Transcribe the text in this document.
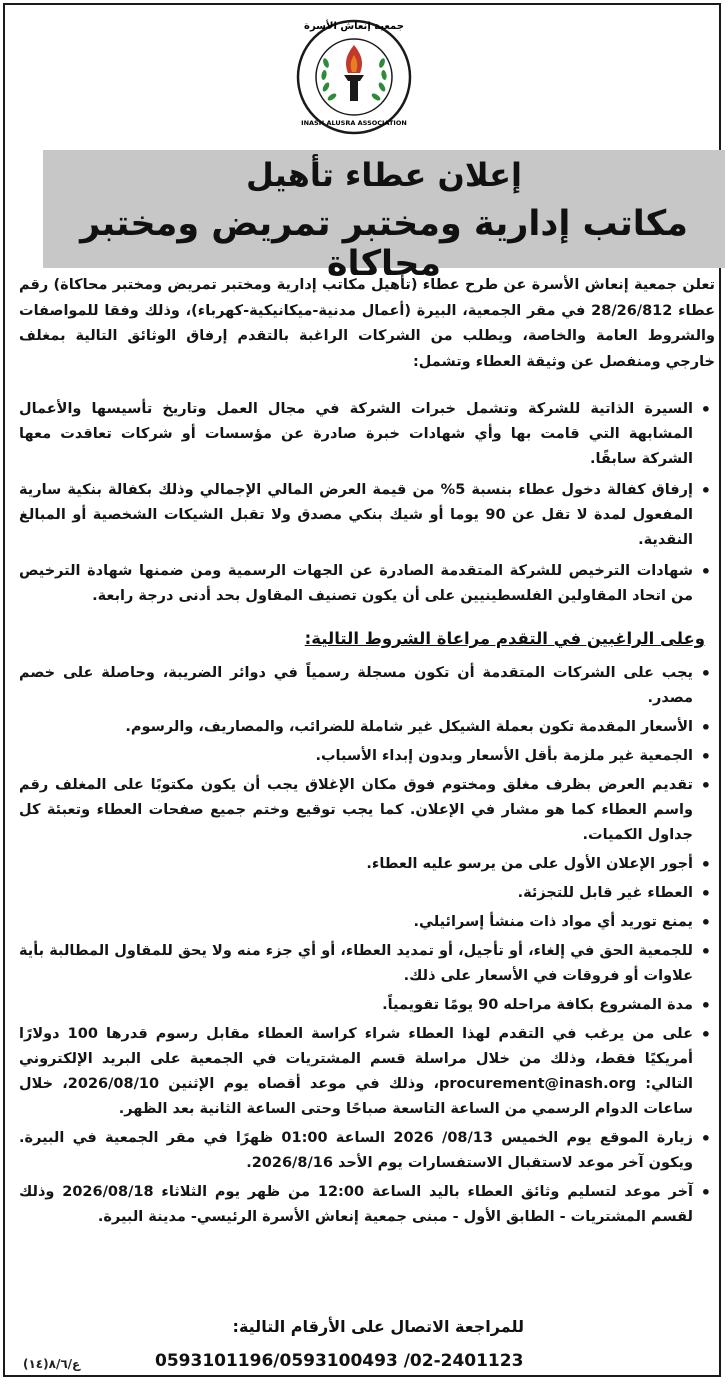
جمعية إنعاش الأسرة
INASH ALUSRA ASSOCIATION
إعلان عطاء تأهيل
مكاتب إدارية ومختبر تمريض ومختبر محاكاة
تعلن جمعية إنعاش الأسرة عن طرح عطاء (تأهيل مكاتب إدارية ومختبر تمريض ومختبر محاكاة) رقم عطاء 28/26/812 في مقر الجمعية، البيرة (أعمال مدنية-ميكانيكية-كهرباء)، وذلك وفقا للمواصفات والشروط العامة والخاصة، ويطلب من الشركات الراغبة بالتقدم إرفاق الوثائق التالية بمغلف خارجي ومنفصل عن وثيقة العطاء وتشمل:
• السيرة الذاتية للشركة وتشمل خبرات الشركة في مجال العمل وتاريخ تأسيسها والأعمال المشابهة التي قامت بها وأي شهادات خبرة صادرة عن مؤسسات أو شركات تعاقدت معها الشركة سابقًا.
• إرفاق كفالة دخول عطاء بنسبة 5% من قيمة العرض المالي الإجمالي وذلك بكفالة بنكية سارية المفعول لمدة لا تقل عن 90 يوما أو شيك بنكي مصدق ولا تقبل الشيكات الشخصية أو المبالغ النقدية.
• شهادات الترخيص للشركة المتقدمة الصادرة عن الجهات الرسمية ومن ضمنها شهادة الترخيص من اتحاد المقاولين الفلسطينيين على أن يكون تصنيف المقاول بحد أدنى درجة رابعة.
وعلى الراغبين في التقدم مراعاة الشروط التالية:
• يجب على الشركات المتقدمة أن تكون مسجلة رسمياً في دوائر الضريبة، وحاصلة على خصم مصدر.
• الأسعار المقدمة تكون بعملة الشيكل غير شاملة للضرائب، والمصاريف، والرسوم.
• الجمعية غير ملزمة بأقل الأسعار وبدون إبداء الأسباب.
• تقديم العرض بظرف مغلق ومختوم فوق مكان الإغلاق يجب أن يكون مكتوبًا على المغلف رقم واسم العطاء كما هو مشار في الإعلان. كما يجب توقيع وختم جميع صفحات العطاء وتعبئة كل جداول الكميات.
• أجور الإعلان الأول على من يرسو عليه العطاء.
• العطاء غير قابل للتجزئة.
• يمنع توريد أي مواد ذات منشأ إسرائيلي.
• للجمعية الحق في إلغاء، أو تأجيل، أو تمديد العطاء، أو أي جزء منه ولا يحق للمقاول المطالبة بأية علاوات أو فروقات في الأسعار على ذلك.
• مدة المشروع بكافة مراحله 90 يومًا تقويمياً.
• على من يرغب في التقدم لهذا العطاء شراء كراسة العطاء مقابل رسوم قدرها 100 دولارًا أمريكيًا فقط، وذلك من خلال مراسلة قسم المشتريات في الجمعية على البريد الإلكتروني التالي: procurement@inash.org، وذلك في موعد أقصاه يوم الإثنين 2026/08/10، خلال ساعات الدوام الرسمي من الساعة التاسعة صباحًا وحتى الساعة الثانية بعد الظهر.
• زيارة الموقع يوم الخميس 08/13/ 2026 الساعة 01:00 ظهرًا في مقر الجمعية في البيرة. ويكون آخر موعد لاستقبال الاستفسارات يوم الأحد 2026/8/16.
• آخر موعد لتسليم وثائق العطاء باليد الساعة 12:00 من ظهر يوم الثلاثاء 2026/08/18 وذلك لقسم المشتريات - الطابق الأول - مبنى جمعية إنعاش الأسرة الرئيسي- مدينة البيرة.
للمراجعة الاتصال على الأرقام التالية:
0593101196/0593100493 /02-2401123
ع/٨/٦(١٤)
